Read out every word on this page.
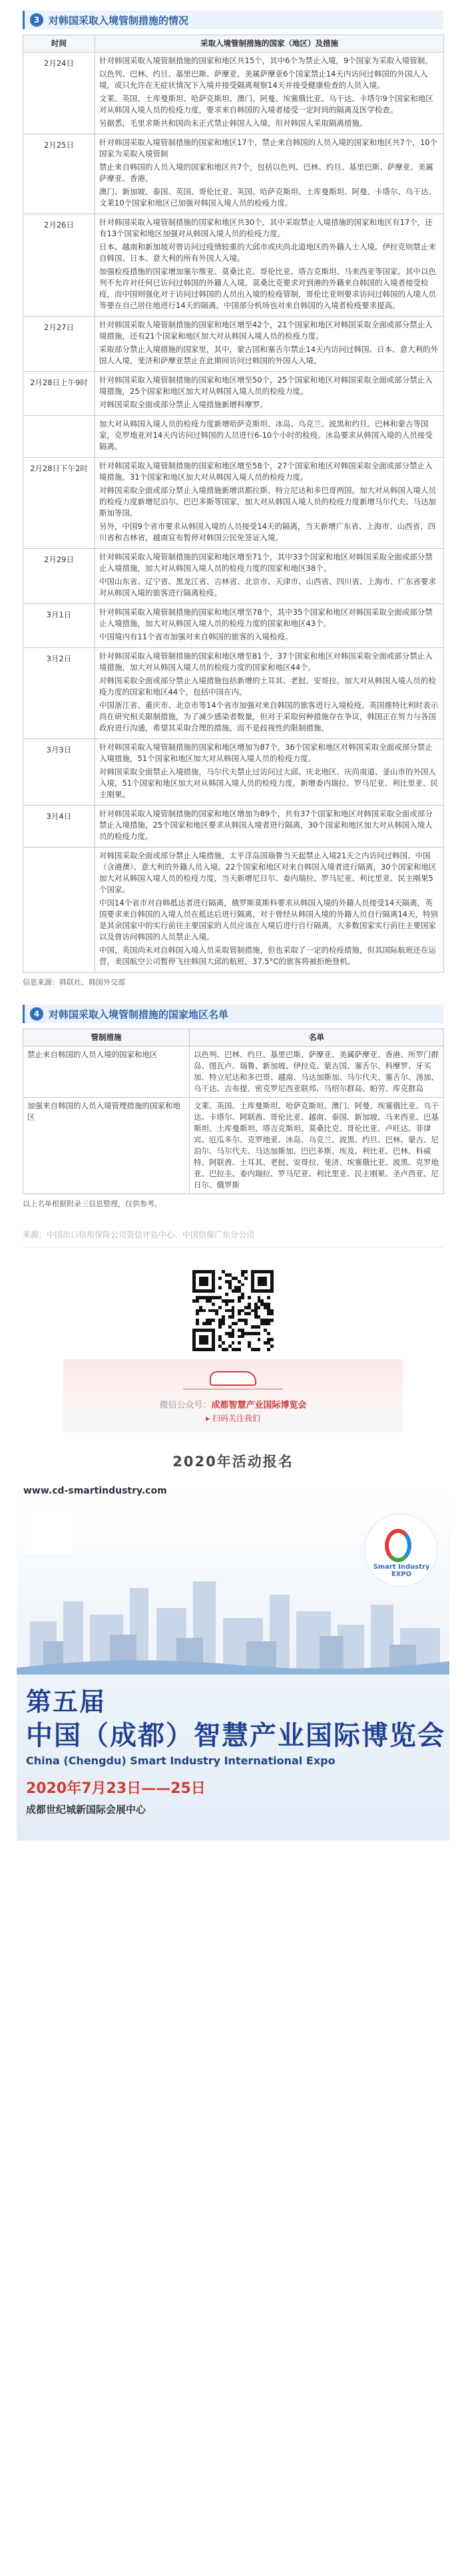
3 对韩国采取入境管制措施的情况
时间	采取入境管制措施的国家（地区）及措施
2月24日	针对韩国采取入境管制措施的国家和地区共15个，其中6个为禁止入境，9个国家为采取入境管制。

以色列、巴林、约旦、基里巴斯、萨摩亚、美属萨摩亚6个国家禁止14天内访问过韩国的外国人入境，或只允许在无症状情况下入境并接受隔离观察14天并接受健康检查的人员入境。

文莱、英国、土库曼斯坦、哈萨克斯坦、澳门、阿曼、埃塞俄比亚、乌干达、卡塔尔9个国家和地区对从韩国入境人员的检疫力度，要求来自韩国的入境者接受一定时间的隔离及医学检查。

另据悉，毛里求斯共和国尚未正式禁止韩国人入境，但对韩国人采取隔离措施。

2月25日	针对韩国采取入境管制措施的国家和地区17个，禁止来自韩国的人员入境的国家和地区共7个，10个国家为采取入境管制

禁止来自韩国的人员入境的国家和地区共7个，包括以色列、巴林、约旦、基里巴斯、萨摩亚、美属萨摩亚、香港。

澳门、新加坡、泰国、英国、哥伦比亚、英国、哈萨克斯坦、土库曼斯坦、阿曼、卡塔尔、乌干达、文莱10个国家和地区已加强对韩国入境人员的检疫力度。

2月26日	针对韩国采取入境管制措施的国家和地区共30个，其中采取禁止入境措施的国家和地区有17个，还有13个国家和地区加强对从韩国入境人员的检疫力度。

日本、越南和新加坡对曾访问过疫情较重的大邱市或庆尚北道地区的外籍人士入境。伊拉克则禁止来自韩国、日本、意大利的所有外国人入境。

加强检疫措施的国家增加塞尔维亚、莫桑比克、哥伦比亚、塔吉克斯坦、马来西亚等国家。其中以色列不允许对任何已访问过韩国的外籍人入境。莫桑比克要求对到港的外籍来自韩国的入境者接受检疫，而中国则强化对于访问过韩国的人员出入境的检疫管制，哥伦比亚则要求访问过韩国的入境人员等要在自己居住地进行14天的隔离。中国部分机场也对来自韩国的入境者检疫要求提高。

2月27日	针对韩国采取入境管制措施的国家和地区增至42个，21个国家和地区对韩国采取全面或部分禁止入境措施，还有21个国家和地区加大对从韩国入境人员的检疫力度。

采取部分禁止入境措施的国家里，其中，蒙古国和塞舌尔禁止14天内访问过韩国、日本、意大利的外国人入境，斐济和萨摩亚禁止在此期间访问过韩国的外国人入境。

2月28日上午9时	针对韩国采取入境管制措施的国家和地区增至50个，25个国家和地区对韩国采取全面或部分禁止入境措施，25个国家和地区加大对从韩国入境人员的检疫力度。

对韩国采取全面或部分禁止入境措施新增科摩罗。

	加大对从韩国入境人员的检疫力度新增哈萨克斯坦、冰岛、乌克兰、波黑和约旦。巴林和蒙古等国家，克罗地亚对14天内访问过韩国的人员进行6-10个小时的检疫。冰岛要求从韩国入境的人员接受隔离。

2月28日下午2时	针对韩国采取入境管制措施的国家和地区增至58个，27个国家和地区对韩国采取全面或部分禁止入境措施，31个国家和地区加大对从韩国入境人员的检疫力度。

对韩国采取全面或部分禁止入境措施新增洪都拉斯、特立尼达和多巴哥两国。加大对从韩国入境人员的检疫力度新增尼泊尔、巴巴多斯等国家，加大对从韩国入境人员的检疫力度新增马尔代夫、马达加斯加等国。

另外，中国9个省市要求从韩国入境的人员接受14天的隔离，当天新增广东省、上海市、山西省、四川省和吉林省，越南宣布暂停对韩国公民免签证入境。

2月29日	针对韩国采取入境管制措施的国家和地区增至71个，其中33个国家和地区对韩国采取全面或部分禁止入境措施，加大对从韩国入境人员的检疫力度的国家和地区38个。

中国山东省、辽宁省、黑龙江省、吉林省、北京市、天津市、山西省、四川省、上海市、广东省要求对从韩国入境的旅客进行隔离检疫。

3月1日	针对韩国采取入境管制措施的国家和地区增至78个，其中35个国家和地区对韩国采取全面或部分禁止入境措施，加大对从韩国入境人员的检疫力度的国家和地区43个。

中国境内有11个省市加强对来自韩国的旅客的入境检疫。

3月2日	针对韩国采取入境管制措施的国家和地区增至81个，37个国家和地区对韩国采取全面或部分禁止入境措施，加大对从韩国入境人员的检疫力度的国家和地区44个。

对韩国采取全面或部分禁止入境措施包括新增的土耳其、老挝、安哥拉。加大对从韩国入境人员的检疫力度的国家和地区44个，包括中国在内。

中国浙江省、重庆市、北京市等14个省市加强对来自韩国的旅客进行入境检疫。英国推特比利时表示尚在研究相关限制措施，为了减少感染者数量，但对于采取何种措施存在争议，韩国正在努力与各国政府进行沟通，希望其采取合理的措施，而不是歧视性的限制措施。

3月3日	针对韩国采取入境管制措施的国家和地区增加为87个，36个国家和地区对韩国采取全面或部分禁止入境措施，51个国家和地区加大对从韩国入境人员的检疫力度。

对韩国采取全面禁止入境措施，马尔代夫禁止过访问过大邱、庆北地区、庆尚南道、釜山市的外国人入境，51个国家和地区加大对从韩国入境人员的检疫力度，新增委内瑞拉、罗马尼亚、利比里亚、民主刚果。

3月4日	针对韩国采取入境管制措施的国家和地区增加为89个，共有37个国家和地区对韩国采取全面或部分禁止入境措施，25个国家和地区要求从韩国入境者进行隔离，30个国家和地区加大对从韩国入境人员的检疫力度。

	对韩国采取全面或部分禁止入境措施，太平洋岛国瑙鲁当天起禁止入境21天之内访问过韩国、中国（含港澳）、意大利的外籍人员入境。22个国家和地区对来自韩国入境者进行隔离，30个国家和地区加大对从韩国入境人员的检疫力度，当天新增尼日尔、委内瑞拉、罗马尼亚、利比里亚、民主刚果5个国家。

中国14个省市对自韩抵达者进行隔离，俄罗斯莫斯科要求从韩国入境的外籍人员接受14天隔离，英国要求来自韩国的入境人员在抵达后进行隔离，对于曾经从韩国入境的外籍人员自行隔离14天，特别是其余国家中的实行前往主要国家的人员应该在入境后进行自行隔离，大多数国家实行前往主要国家以及曾访问韩国的人员禁止入境。

中国，英国尚未对自韩国入境人员采取管制措施，但也采取了一定的检疫措施，但其国际航班还在运营，美国航空公司暂停飞往韩国大邱的航班。37.5°C的旅客将被拒绝登机。

信息来源：韩联社、韩国外交部
4 对韩国采取入境管制措施的国家地区名单
管制措施	名单
禁止来自韩国的人员入境的国家和地区	以色列、巴林、约旦、基里巴斯、萨摩亚、美属萨摩亚、香港、所罗门群岛、图瓦卢、瑙鲁、新加坡、伊拉克、蒙古国、塞舌尔、科摩罗、牙买加、特立尼达和多巴哥、越南、马达加斯加、马尔代夫、塞舌尔、汤加、乌干达、吉布提、密克罗尼西亚联邦、马绍尔群岛、帕劳、库克群岛
加强来自韩国的人员入境管理措施的国家和地区	文莱、英国、土库曼斯坦、哈萨克斯坦、澳门、阿曼、埃塞俄比亚、乌干达、卡塔尔、阿联酋、哥伦比亚、越南、泰国、新加坡、马来西亚、巴基斯坦、土库曼斯坦、塔吉克斯坦、莫桑比克、哥伦比亚、卢旺达、菲律宾、厄瓜多尔、克罗地亚、冰岛、乌克兰、波黑、约旦、巴林、蒙古、尼泊尔、马尔代夫、马达加斯加、巴巴多斯、埃及、利比亚、巴林、科威特、阿联酋、土耳其、老挝、安哥拉、斐济、埃塞俄比亚、波黑、克罗地亚、巴拉圭、委内瑞拉、罗马尼亚、利比里亚、民主刚果、圣卢西亚、尼日尔、俄罗斯
以上名单根据附录三信息整理，仅供参考。
来源：中国出口信用保险公司资信评估中心、中国信保广东分公司
微信公众号：成都智慧产业国际博览会
▸ 扫码关注我们
2020年活动报名
www.cd-smartindustry.com
Smart Industry EXPO
第五届
中国（成都）智慧产业国际博览会
China (Chengdu) Smart Industry International Expo
2020年7月23日——25日
成都世纪城新国际会展中心
